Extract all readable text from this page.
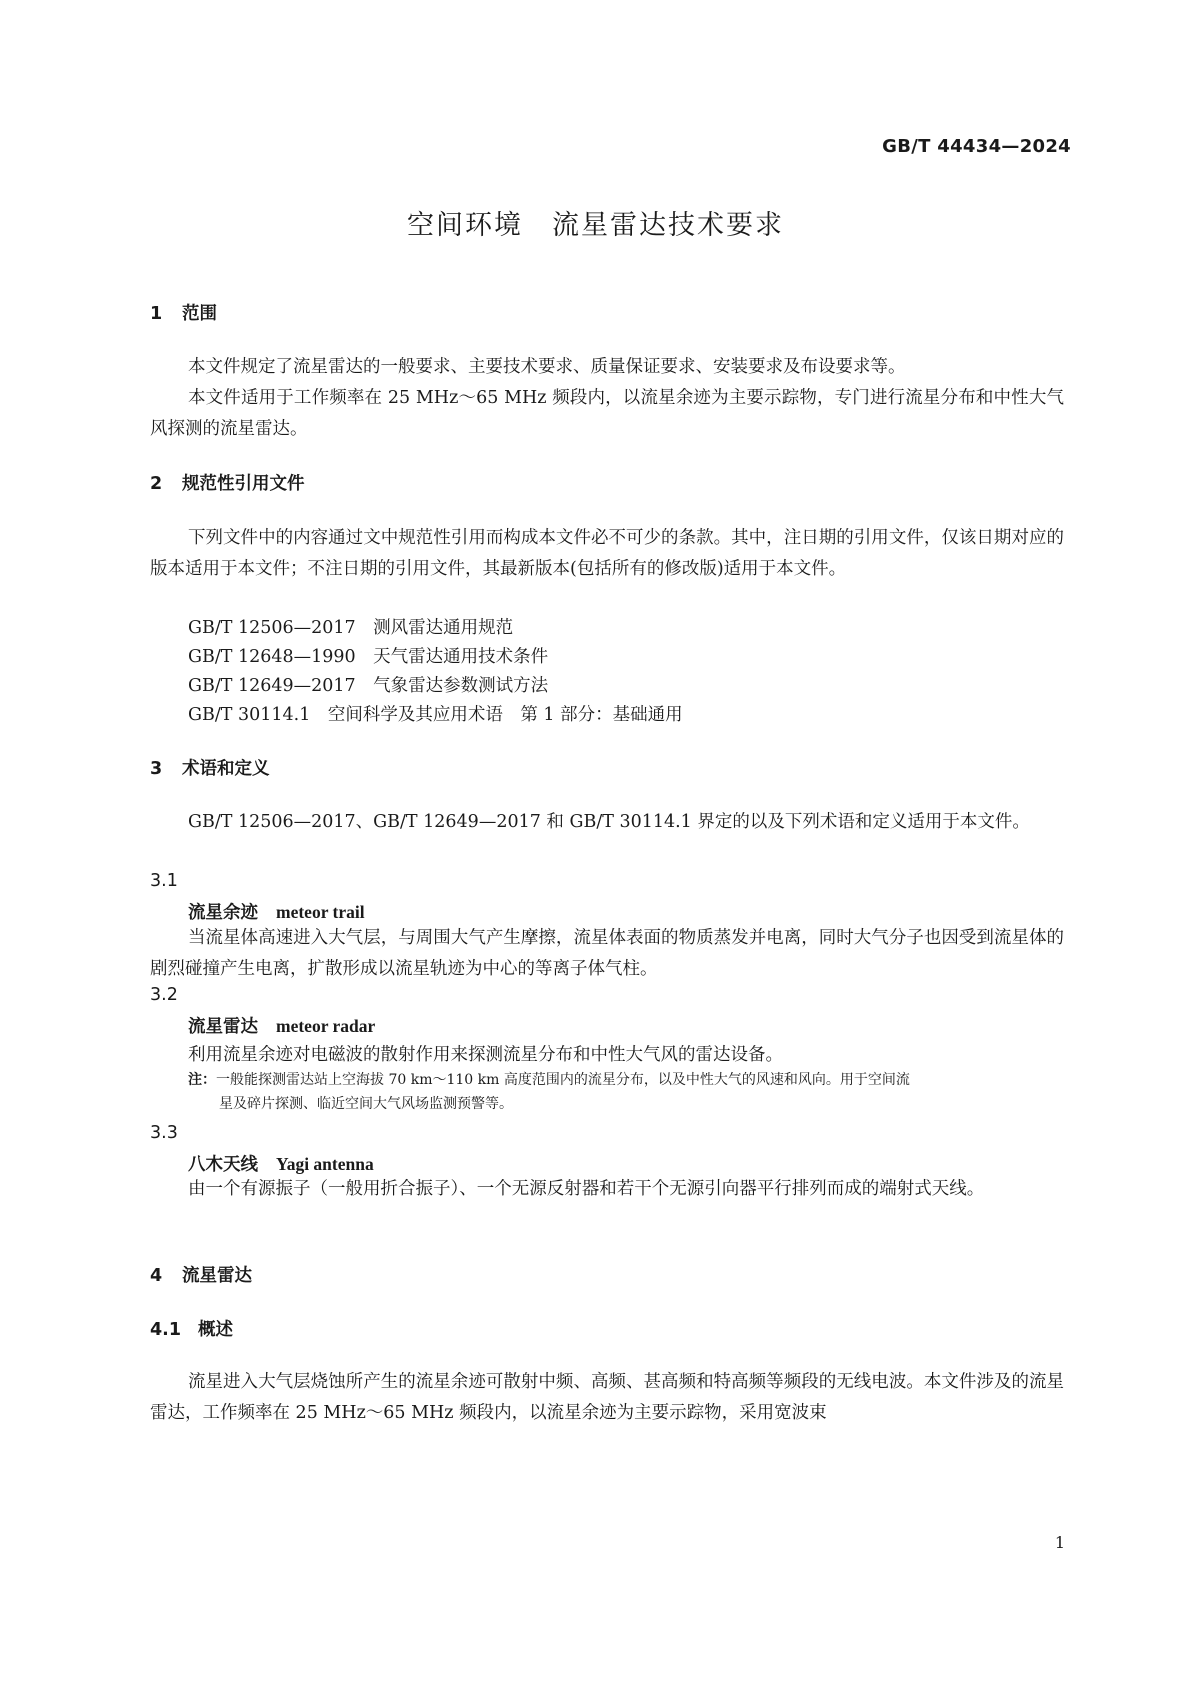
GB/T 44434—2024
空间环境　流星雷达技术要求
1 范围

本文件规定了流星雷达的一般要求、主要技术要求、质量保证要求、安装要求及布设要求等。

本文件适用于工作频率在 25 MHz～65 MHz 频段内，以流星余迹为主要示踪物，专门进行流星分布和中性大气风探测的流星雷达。

2 规范性引用文件

下列文件中的内容通过文中规范性引用而构成本文件必不可少的条款。其中，注日期的引用文件，仅该日期对应的版本适用于本文件；不注日期的引用文件，其最新版本(包括所有的修改版)适用于本文件。

GB/T 12506—2017　测风雷达通用规范
GB/T 12648—1990　天气雷达通用技术条件
GB/T 12649—2017　气象雷达参数测试方法
GB/T 30114.1　空间科学及其应用术语　第 1 部分：基础通用
3 术语和定义

GB/T 12506—2017、GB/T 12649—2017 和 GB/T 30114.1 界定的以及下列术语和定义适用于本文件。

3.1
流星余迹 meteor trail

当流星体高速进入大气层，与周围大气产生摩擦，流星体表面的物质蒸发并电离，同时大气分子也因受到流星体的剧烈碰撞产生电离，扩散形成以流星轨迹为中心的等离子体气柱。

3.2
流星雷达 meteor radar
利用流星余迹对电磁波的散射作用来探测流星分布和中性大气风的雷达设备。
注：一般能探测雷达站上空海拔 70 km～110 km 高度范围内的流星分布，以及中性大气的风速和风向。用于空间流
星及碎片探测、临近空间大气风场监测预警等。
3.3
八木天线 Yagi antenna

由一个有源振子（一般用折合振子）、一个无源反射器和若干个无源引向器平行排列而成的端射式天线。

4 流星雷达
4.1 概述

流星进入大气层烧蚀所产生的流星余迹可散射中频、高频、甚高频和特高频等频段的无线电波。本文件涉及的流星雷达，工作频率在 25 MHz～65 MHz 频段内，以流星余迹为主要示踪物，采用宽波束

1
